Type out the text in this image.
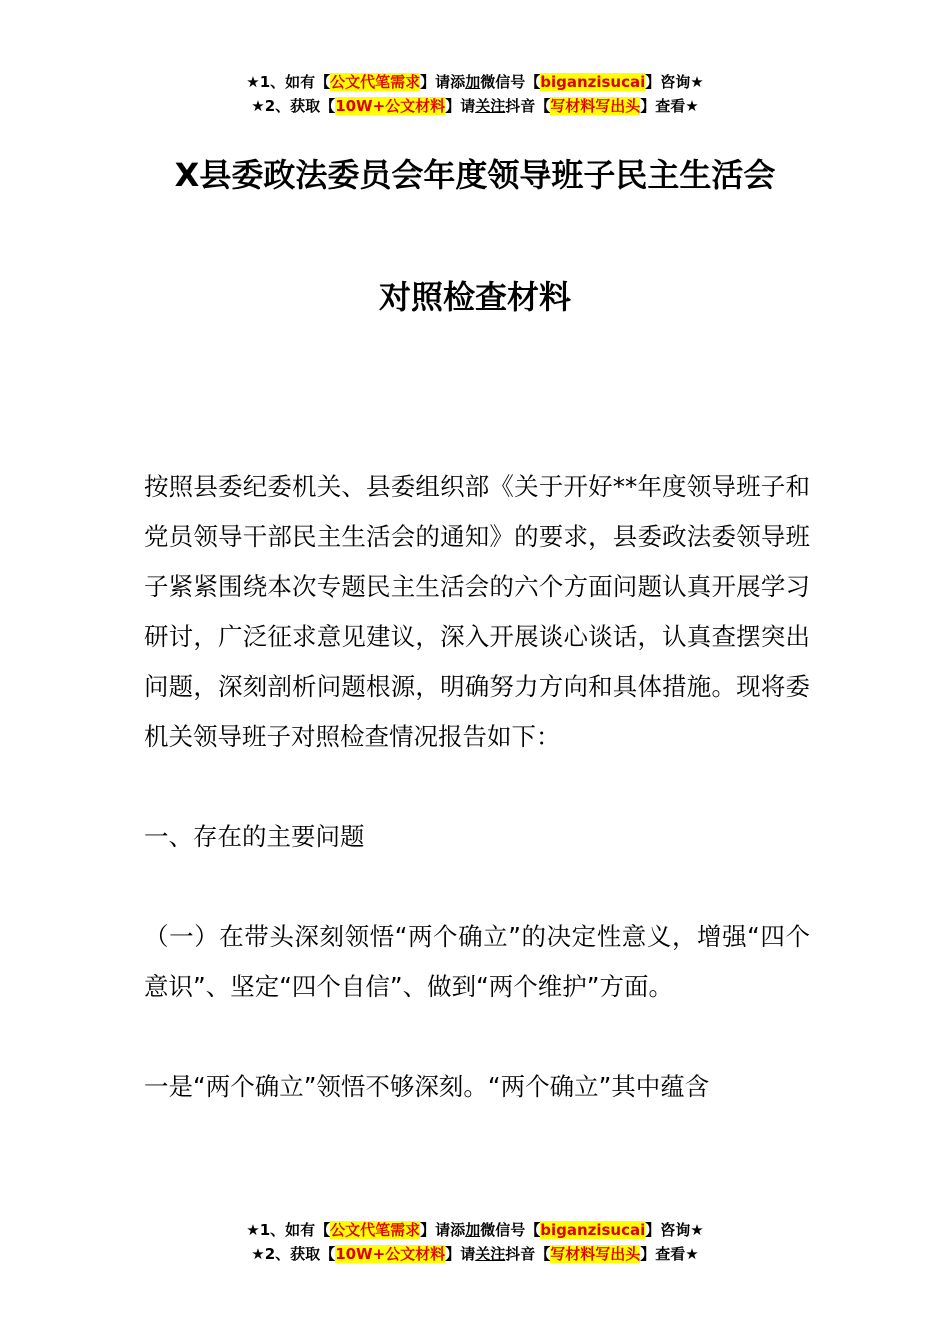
★1、如有【公文代笔需求】请添加微信号【biganzisucai】咨询★
★2、获取【10W+公文材料】请关注抖音【写材料写出头】查看★
X县委政法委员会年度领导班子民主生活会
对照检查材料

按照县委纪委机关、县委组织部《关于开好**年度领导班子和党员领导干部民主生活会的通知》的要求，县委政法委领导班子紧紧围绕本次专题民主生活会的六个方面问题认真开展学习研讨，广泛征求意见建议，深入开展谈心谈话，认真查摆突出问题，深刻剖析问题根源，明确努力方向和具体措施。现将委机关领导班子对照检查情况报告如下：

一、存在的主要问题

（一）在带头深刻领悟“两个确立”的决定性意义，增强“四个意识”、坚定“四个自信”、做到“两个维护”方面。

一是“两个确立”领悟不够深刻。“两个确立”其中蕴含

★1、如有【公文代笔需求】请添加微信号【biganzisucai】咨询★
★2、获取【10W+公文材料】请关注抖音【写材料写出头】查看★
